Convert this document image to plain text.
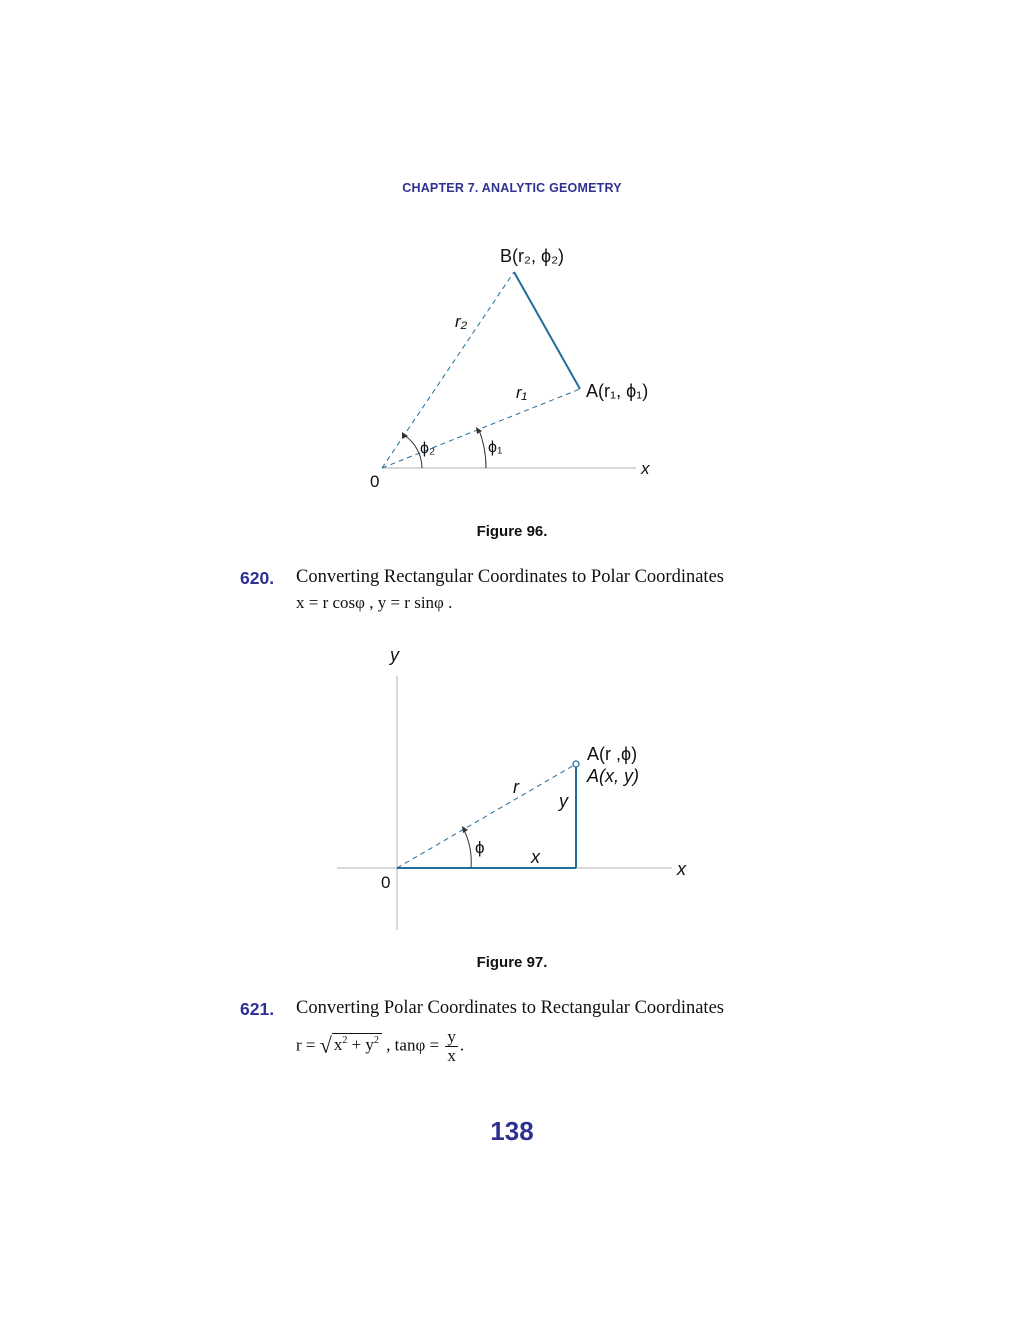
CHAPTER 7. ANALYTIC GEOMETRY
B(r₂, ϕ₂)
A(r₁, ϕ₁)
r₂
r₁
ϕ₂	ϕ₁
0
x
Figure 96.
620. Converting Rectangular Coordinates to Polar Coordinates
x = r cosφ , y = r sinφ .
y
x
0
A(r ,ϕ)
A(x, y)
r
y
x
ϕ
Figure 97.
621. Converting Polar Coordinates to Rectangular Coordinates
r = √ $x^2 + y^2$ , $\tan\varphi = \frac{y}{x}$ .
138
